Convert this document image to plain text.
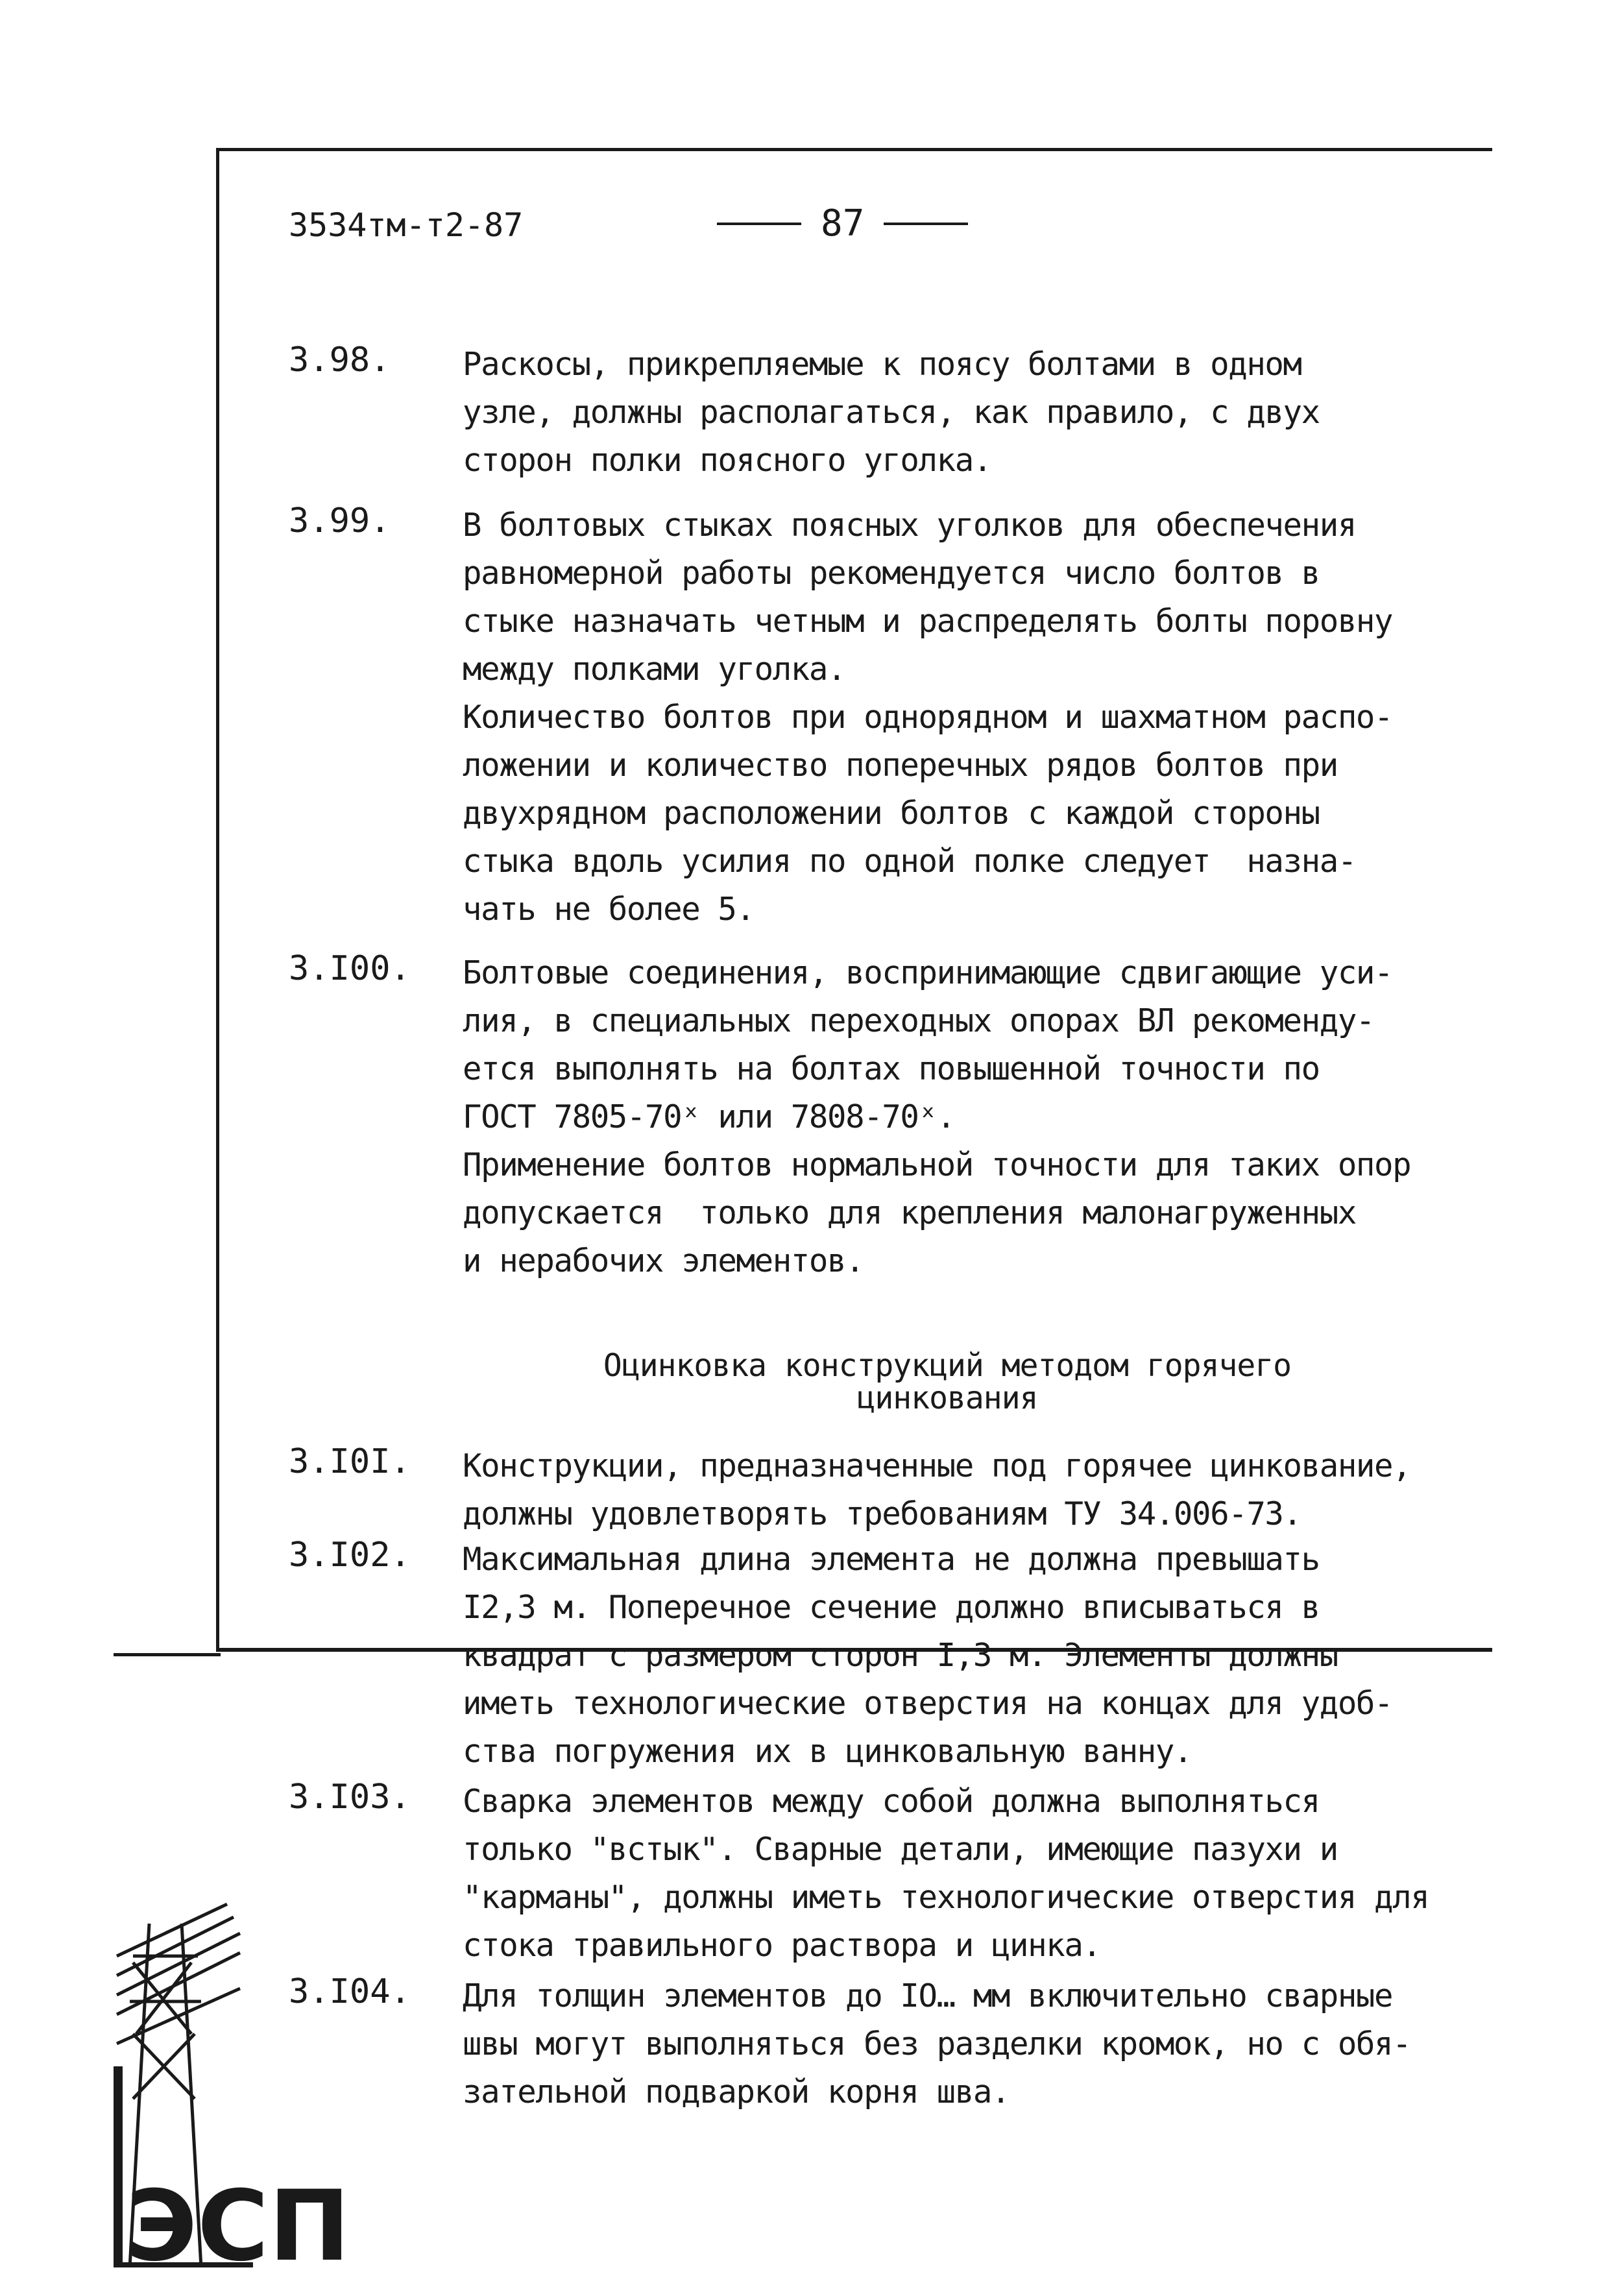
3534тм-т2-87	87
3.98.	Раскосы, прикрепляемые к поясу болтами в одном
узле, должны располагаться, как правило, с двух
сторон полки поясного уголка.
3.99.	В болтовых стыках поясных уголков для обеспечения
равномерной работы рекомендуется число болтов в
стыке назначать четным и распределять болты поровну
между полками уголка.
Количество болтов при однорядном и шахматном распо-
ложении и количество поперечных рядов болтов при
двухрядном расположении болтов с каждой стороны
стыка вдоль усилия по одной полке следует  назна-
чать не более 5.
3.I00.	Болтовые соединения, воспринимающие сдвигающие уси-
лия, в специальных переходных опорах ВЛ рекоменду-
ется выполнять на болтах повышенной точности по
ГОСТ 7805-70ˣ или 7808-70ˣ.
Применение болтов нормальной точности для таких опор
допускается  только для крепления малонагруженных
и нерабочих элементов.
Оцинковка конструкций методом горячего
цинкования
3.I0I.	Конструкции, предназначенные под горячее цинкование,
должны удовлетворять требованиям ТУ 34.006-73.
3.I02.	Максимальная длина элемента не должна превышать
I2,3 м. Поперечное сечение должно вписываться в
квадрат с размером сторон I,3 м. Элементы должны
иметь технологические отверстия на концах для удоб-
ства погружения их в цинковальную ванну.
3.I03.	Сварка элементов между собой должна выполняться
только "встык". Сварные детали, имеющие пазухи и
"карманы", должны иметь технологические отверстия для
стока травильного раствора и цинка.
3.I04.	Для толщин элементов до IO… мм включительно сварные
швы могут выполняться без разделки кромок, но с обя-
зательной подваркой корня шва.
ЭСП
